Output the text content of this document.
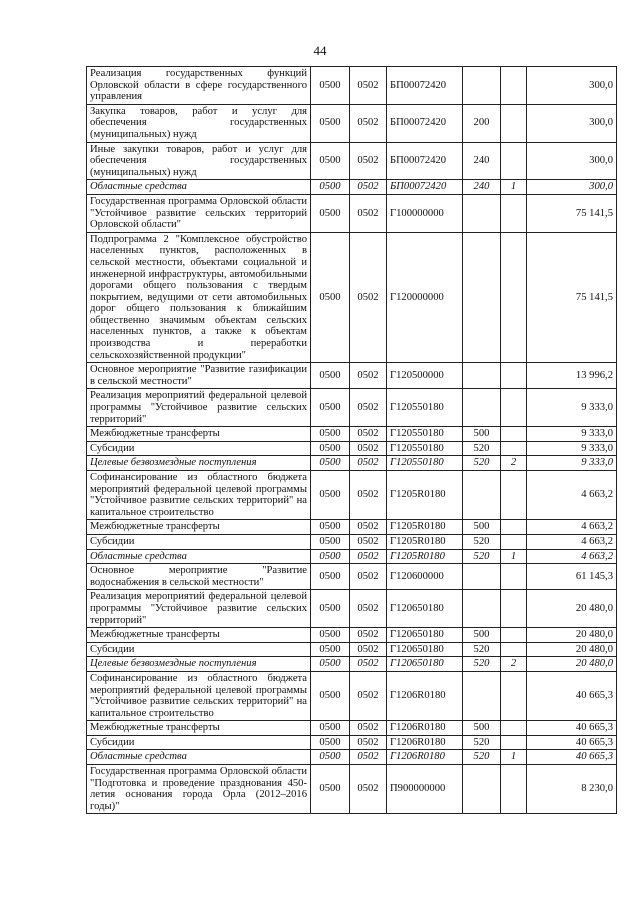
44
Реализация государственных функций Орловской области в сфере государственного управления	0500	0502	БП00072420			300,0
Закупка товаров, работ и услуг для обеспечения государственных (муниципальных) нужд	0500	0502	БП00072420	200		300,0
Иные закупки товаров, работ и услуг для обеспечения государственных (муниципальных) нужд	0500	0502	БП00072420	240		300,0
Областные средства	0500	0502	БП00072420	240	1	300,0
Государственная программа Орловской области "Устойчивое развитие сельских территорий Орловской области"	0500	0502	Г100000000			75 141,5
Подпрограмма 2 "Комплексное обустройство населенных пунктов, расположенных в сельской местности, объектами социальной и инженерной инфраструктуры, автомобильными дорогами общего пользования с твердым покрытием, ведущими от сети автомобильных дорог общего пользования к ближайшим общественно значимым объектам сельских населенных пунктов, а также к объектам производства и переработки сельскохозяйственной продукции"	0500	0502	Г120000000			75 141,5
Основное мероприятие "Развитие газификации в сельской местности"	0500	0502	Г120500000			13 996,2
Реализация мероприятий федеральной целевой программы "Устойчивое развитие сельских территорий"	0500	0502	Г120550180			9 333,0
Межбюджетные трансферты	0500	0502	Г120550180	500		9 333,0
Субсидии	0500	0502	Г120550180	520		9 333,0
Целевые безвозмездные поступления	0500	0502	Г120550180	520	2	9 333,0
Софинансирование из областного бюджета мероприятий федеральной целевой программы "Устойчивое развитие сельских территорий" на капитальное строительство	0500	0502	Г1205R0180			4 663,2
Межбюджетные трансферты	0500	0502	Г1205R0180	500		4 663,2
Субсидии	0500	0502	Г1205R0180	520		4 663,2
Областные средства	0500	0502	Г1205R0180	520	1	4 663,2
Основное мероприятие "Развитие водоснабжения в сельской местности"	0500	0502	Г120600000			61 145,3
Реализация мероприятий федеральной целевой программы "Устойчивое развитие сельских территорий"	0500	0502	Г120650180			20 480,0
Межбюджетные трансферты	0500	0502	Г120650180	500		20 480,0
Субсидии	0500	0502	Г120650180	520		20 480,0
Целевые безвозмездные поступления	0500	0502	Г120650180	520	2	20 480,0
Софинансирование из областного бюджета мероприятий федеральной целевой программы "Устойчивое развитие сельских территорий" на капитальное строительство	0500	0502	Г1206R0180			40 665,3
Межбюджетные трансферты	0500	0502	Г1206R0180	500		40 665,3
Субсидии	0500	0502	Г1206R0180	520		40 665,3
Областные средства	0500	0502	Г1206R0180	520	1	40 665,3
Государственная программа Орловской области "Подготовка и проведение празднования 450-летия основания города Орла (2012–2016 годы)"	0500	0502	П900000000			8 230,0
